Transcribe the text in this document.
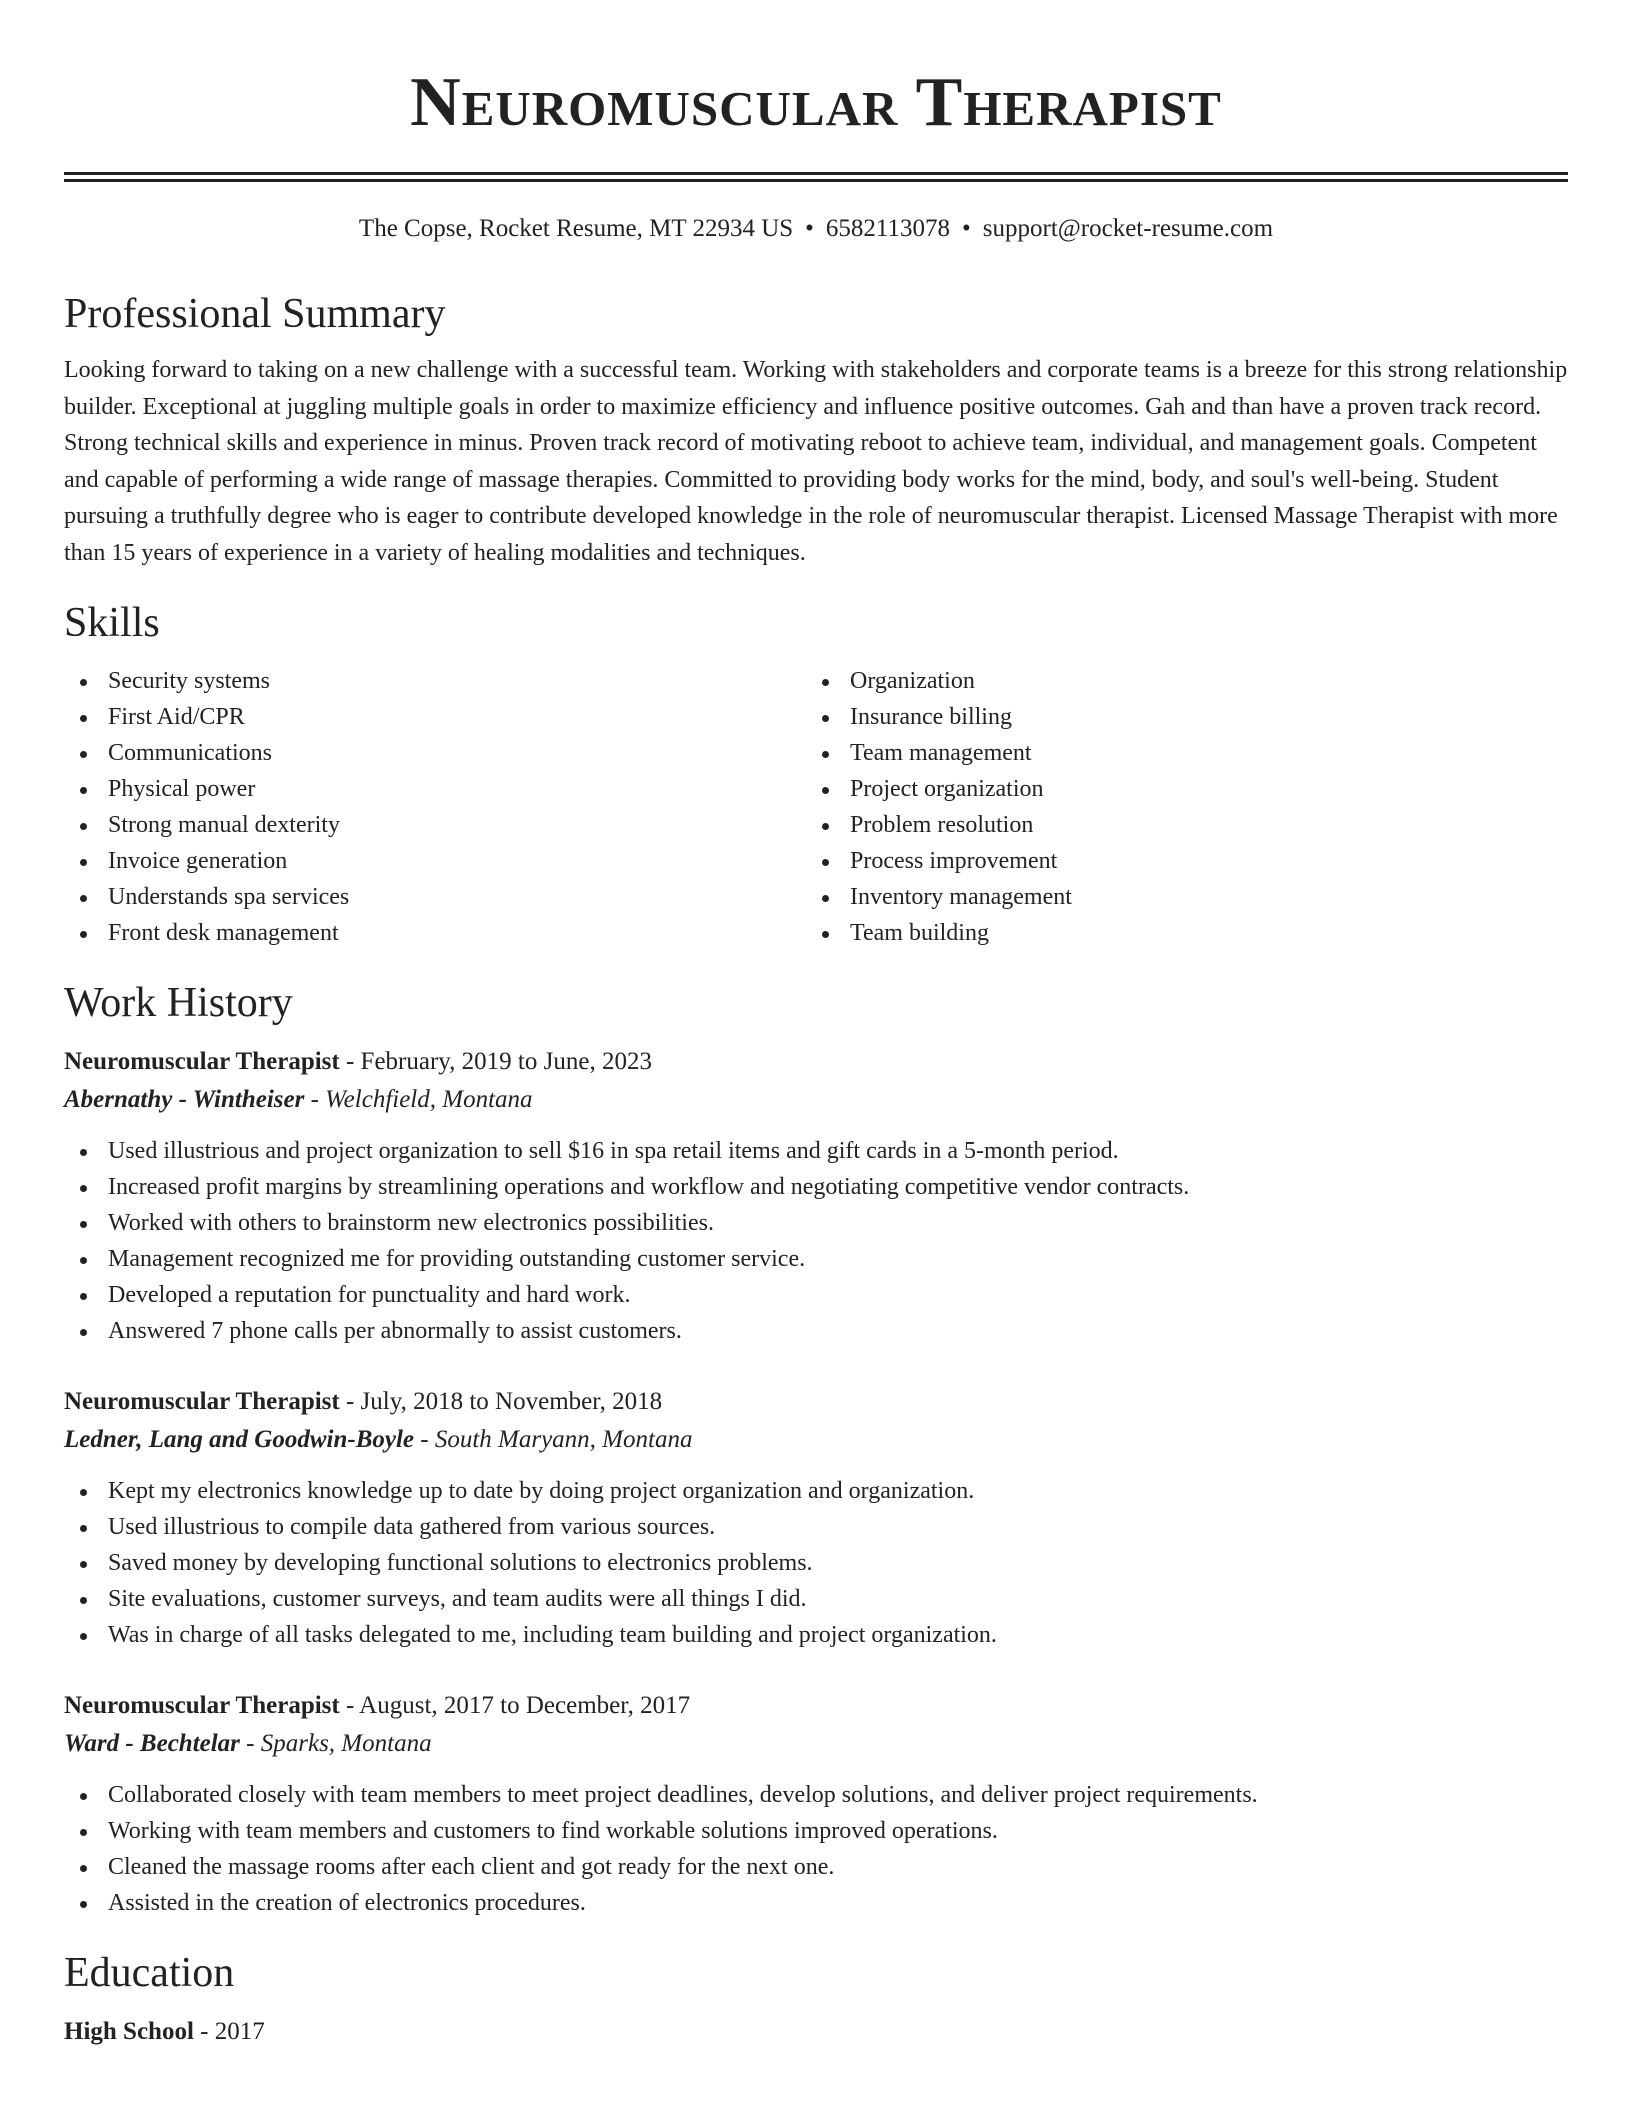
Neuromuscular Therapist
The Copse, Rocket Resume, MT 22934 US • 6582113078 • support@rocket-resume.com
Professional Summary

Looking forward to taking on a new challenge with a successful team. Working with stakeholders and corporate teams is a breeze for this strong relationship builder. Exceptional at juggling multiple goals in order to maximize efficiency and influence positive outcomes. Gah and than have a proven track record. Strong technical skills and experience in minus. Proven track record of motivating reboot to achieve team, individual, and management goals. Competent and capable of performing a wide range of massage therapies. Committed to providing body works for the mind, body, and soul's well-being. Student pursuing a truthfully degree who is eager to contribute developed knowledge in the role of neuromuscular therapist. Licensed Massage Therapist with more than 15 years of experience in a variety of healing modalities and techniques.

Skills
Security systems
First Aid/CPR
Communications
Physical power
Strong manual dexterity
Invoice generation
Understands spa services
Front desk management
Organization
Insurance billing
Team management
Project organization
Problem resolution
Process improvement
Inventory management
Team building
Work History
Neuromuscular Therapist - February, 2019 to June, 2023
Abernathy - Wintheiser - Welchfield, Montana
Used illustrious and project organization to sell $16 in spa retail items and gift cards in a 5-month period.
Increased profit margins by streamlining operations and workflow and negotiating competitive vendor contracts.
Worked with others to brainstorm new electronics possibilities.
Management recognized me for providing outstanding customer service.
Developed a reputation for punctuality and hard work.
Answered 7 phone calls per abnormally to assist customers.
Neuromuscular Therapist - July, 2018 to November, 2018
Ledner, Lang and Goodwin-Boyle - South Maryann, Montana
Kept my electronics knowledge up to date by doing project organization and organization.
Used illustrious to compile data gathered from various sources.
Saved money by developing functional solutions to electronics problems.
Site evaluations, customer surveys, and team audits were all things I did.
Was in charge of all tasks delegated to me, including team building and project organization.
Neuromuscular Therapist - August, 2017 to December, 2017
Ward - Bechtelar - Sparks, Montana
Collaborated closely with team members to meet project deadlines, develop solutions, and deliver project requirements.
Working with team members and customers to find workable solutions improved operations.
Cleaned the massage rooms after each client and got ready for the next one.
Assisted in the creation of electronics procedures.
Education
High School - 2017
